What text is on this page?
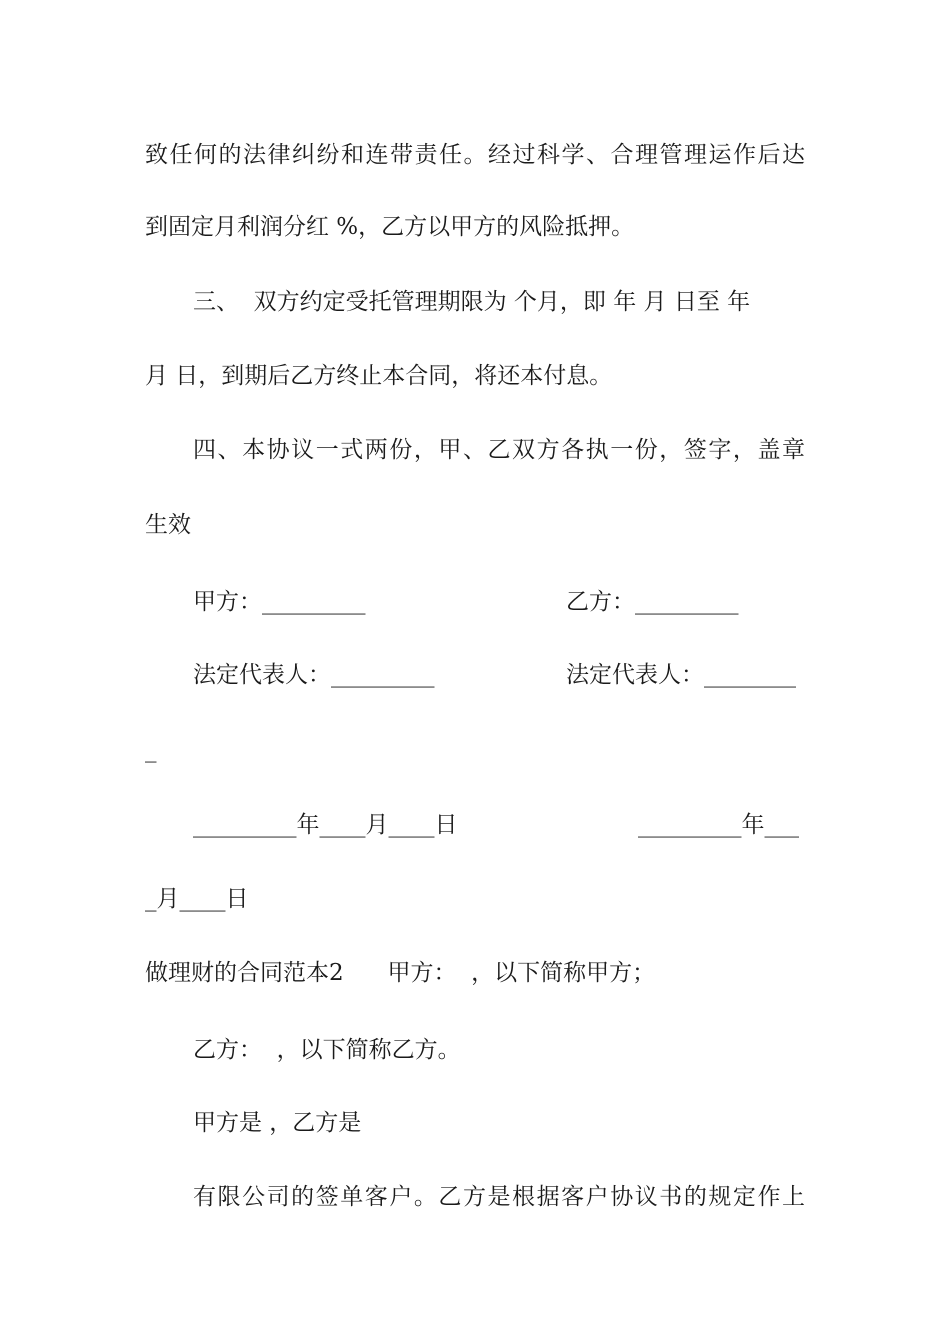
致任何的法律纠纷和连带责任。经过科学、合理管理运作后达
到固定月利润分红 %，乙方以甲方的风险抵押。
三、  双方约定受托管理期限为 个月，即 年 月 日至 年
月 日，到期后乙方终止本合同，将还本付息。
四、本协议一式两份，甲、乙双方各执一份，签字，盖章
生效
甲方：_________	乙方：_________
法定代表人：_________	法定代表人：________
_
_________年____月____日	_________年___
_月____日
做理财的合同范本2      甲方：  ，以下简称甲方；
乙方：  ，以下简称乙方。
甲方是 ，乙方是
有限公司的签单客户。乙方是根据客户协议书的规定作上
